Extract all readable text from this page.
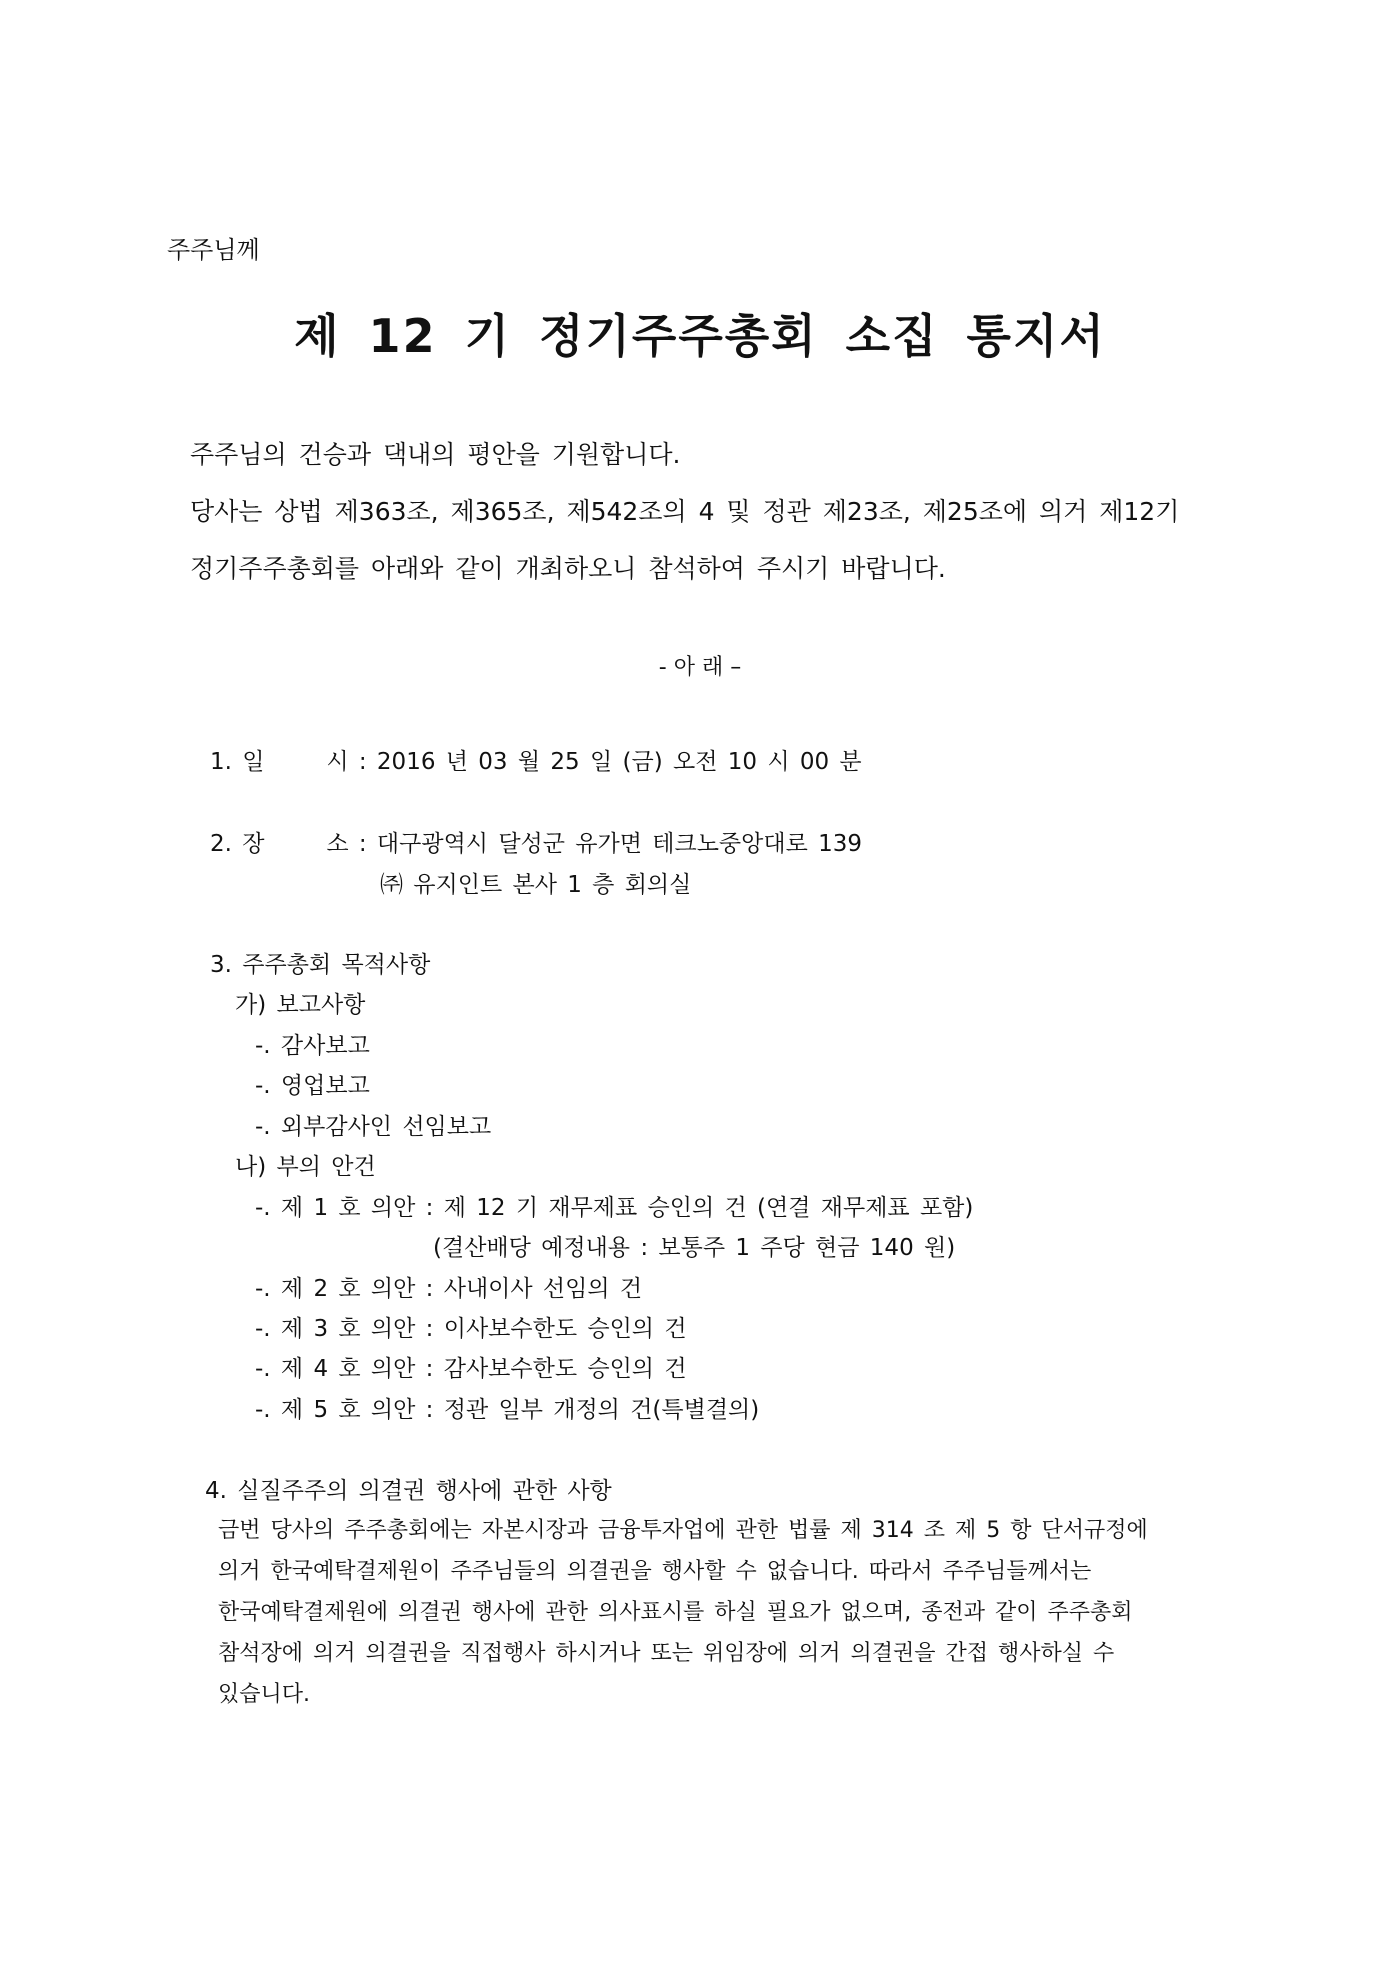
주주님께
제 12 기 정기주주총회 소집 통지서
주주님의 건승과 댁내의 평안을 기원합니다.
당사는 상법 제363조, 제365조, 제542조의 4 및 정관 제23조, 제25조에 의거 제12기
정기주주총회를 아래와 같이 개최하오니 참석하여 주시기 바랍니다.
- 아 래 –
1. 일      시 : 2016 년 03 월 25 일 (금) 오전 10 시 00 분
2. 장      소 : 대구광역시 달성군 유가면 테크노중앙대로 139
㈜ 유지인트 본사 1 층 회의실
3. 주주총회 목적사항
가) 보고사항
-. 감사보고
-. 영업보고
-. 외부감사인 선임보고
나) 부의 안건
-. 제 1 호 의안 : 제 12 기 재무제표 승인의 건 (연결 재무제표 포함)
(결산배당 예정내용 : 보통주 1 주당 현금 140 원)
-. 제 2 호 의안 : 사내이사 선임의 건
-. 제 3 호 의안 : 이사보수한도 승인의 건
-. 제 4 호 의안 : 감사보수한도 승인의 건
-. 제 5 호 의안 : 정관 일부 개정의 건(특별결의)
4. 실질주주의 의결권 행사에 관한 사항
금번 당사의 주주총회에는 자본시장과 금융투자업에 관한 법률 제 314 조 제 5 항 단서규정에
의거 한국예탁결제원이 주주님들의 의결권을 행사할 수 없습니다. 따라서 주주님들께서는
한국예탁결제원에 의결권 행사에 관한 의사표시를 하실 필요가 없으며, 종전과 같이 주주총회
참석장에 의거 의결권을 직접행사 하시거나 또는 위임장에 의거 의결권을 간접 행사하실 수
있습니다.
